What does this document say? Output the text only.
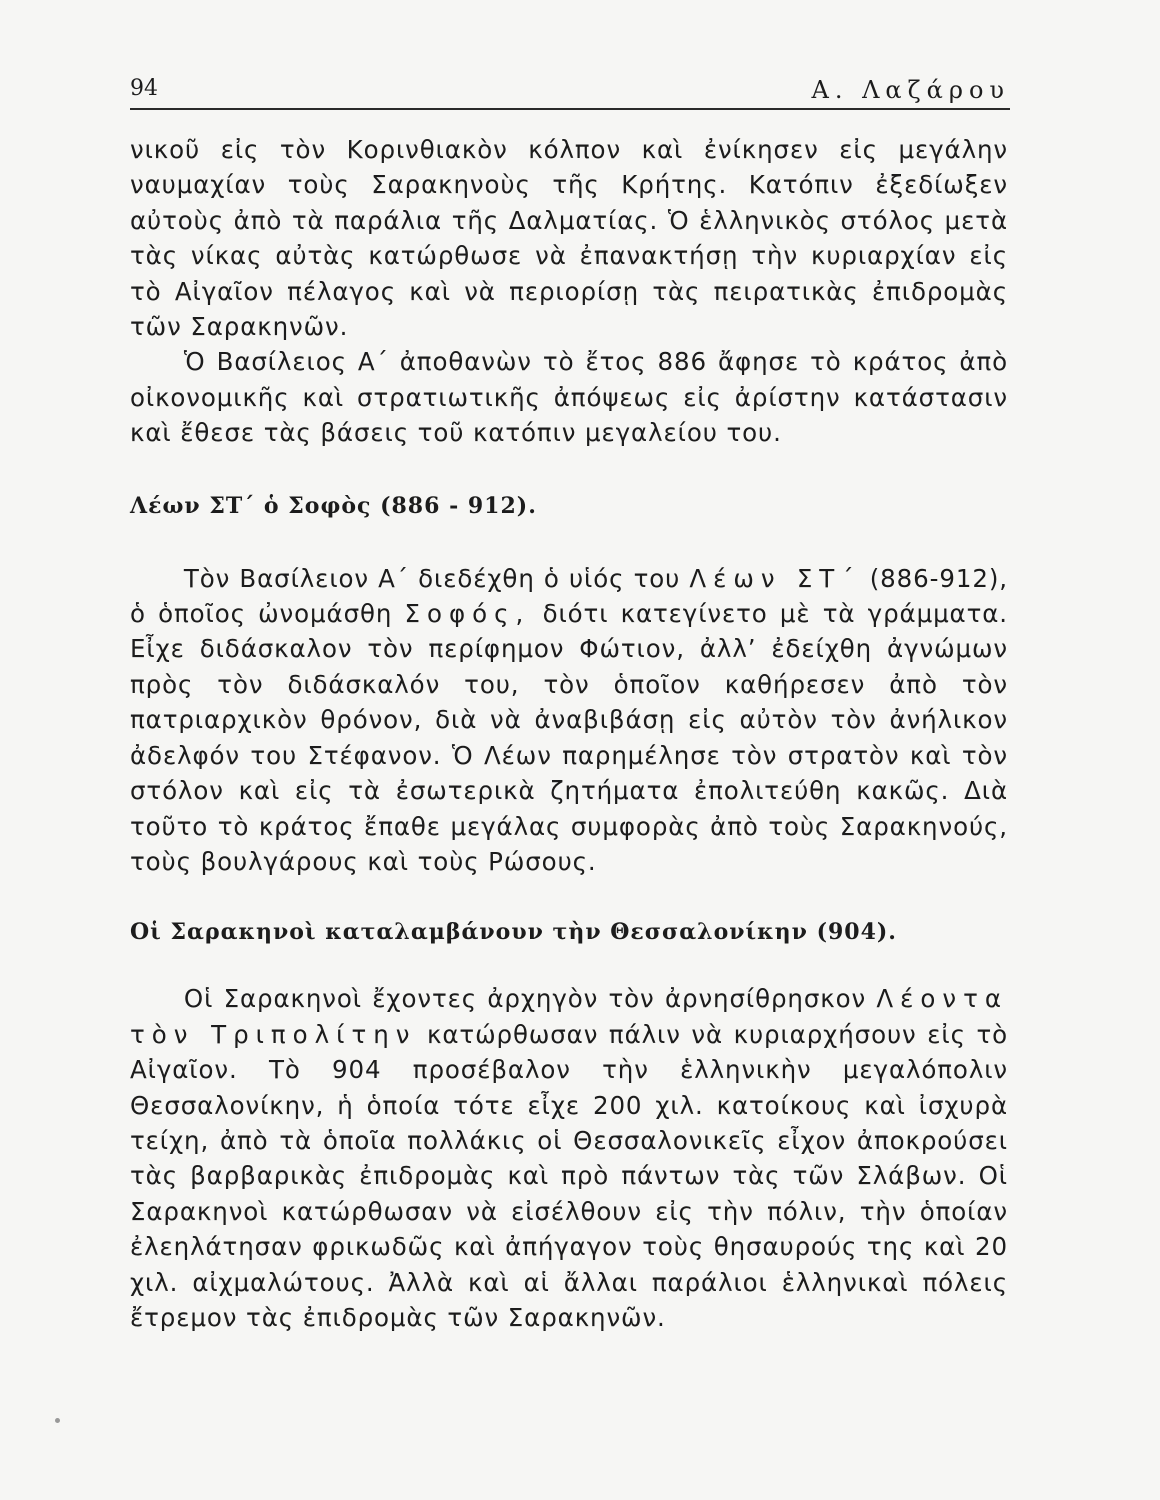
94	Α. Λαζάρου

νικοῦ εἰς τὸν Κορινθιακὸν κόλπον καὶ ἐνίκησεν εἰς μεγάλην ναυμαχίαν τοὺς Σαρακηνοὺς τῆς Κρήτης. Κατόπιν ἐξεδίωξεν αὐτοὺς ἀπὸ τὰ παράλια τῆς Δαλματίας. Ὁ ἑλληνικὸς στόλος μετὰ τὰς νίκας αὐτὰς κατώρθωσε νὰ ἐπανακτήσῃ τὴν κυριαρχίαν εἰς τὸ Αἰγαῖον πέλαγος καὶ νὰ περιορίσῃ τὰς πειρατικὰς ἐπιδρομὰς τῶν Σαρακηνῶν.

Ὁ Βασίλειος Α΄ ἀποθανὼν τὸ ἔτος 886 ἄφησε τὸ κράτος ἀπὸ οἰκονομικῆς καὶ στρατιωτικῆς ἀπόψεως εἰς ἀρίστην κατάστασιν καὶ ἔθεσε τὰς βάσεις τοῦ κατόπιν μεγαλείου του.

Λέων ΣΤ΄ ὁ Σοφὸς (886 - 912).

Τὸν Βασίλειον Α΄ διεδέχθη ὁ υἱός του Λέων ΣΤ΄ (886-912), ὁ ὁποῖος ὠνομάσθη Σοφός, διότι κατεγίνετο μὲ τὰ γράμματα. Εἶχε διδάσκαλον τὸν περίφημον Φώτιον, ἀλλ’ ἐδείχθη ἀγνώμων πρὸς τὸν διδάσκαλόν του, τὸν ὁποῖον καθήρεσεν ἀπὸ τὸν πατριαρχικὸν θρόνον, διὰ νὰ ἀναβιβάσῃ εἰς αὐτὸν τὸν ἀνήλικον ἀδελφόν του Στέφανον. Ὁ Λέων παρημέλησε τὸν στρατὸν καὶ τὸν στόλον καὶ εἰς τὰ ἐσωτερικὰ ζητήματα ἐπολιτεύθη κακῶς. Διὰ τοῦτο τὸ κράτος ἔπαθε μεγάλας συμφορὰς ἀπὸ τοὺς Σαρακηνούς, τοὺς βουλγάρους καὶ τοὺς Ρώσους.

Οἱ Σαρακηνοὶ καταλαμβάνουν τὴν Θεσσαλονίκην (904).

Οἱ Σαρακηνοὶ ἔχοντες ἀρχηγὸν τὸν ἀρνησίθρησκον Λέοντα τὸν Τριπολίτην κατώρθωσαν πάλιν νὰ κυριαρχήσουν εἰς τὸ Αἰγαῖον. Τὸ 904 προσέβαλον τὴν ἑλληνικὴν μεγαλόπολιν Θεσσαλονίκην, ἡ ὁποία τότε εἶχε 200 χιλ. κατοίκους καὶ ἰσχυρὰ τείχη, ἀπὸ τὰ ὁποῖα πολλάκις οἱ Θεσσαλονικεῖς εἶχον ἀποκρούσει τὰς βαρβαρικὰς ἐπιδρομὰς καὶ πρὸ πάντων τὰς τῶν Σλάβων. Οἱ Σαρακηνοὶ κατώρθωσαν νὰ εἰσέλθουν εἰς τὴν πόλιν, τὴν ὁποίαν ἐλεηλάτησαν φρικωδῶς καὶ ἀπήγαγον τοὺς θησαυρούς της καὶ 20 χιλ. αἰχμαλώτους. Ἀλλὰ καὶ αἱ ἄλλαι παράλιοι ἑλληνικαὶ πόλεις ἔτρεμον τὰς ἐπιδρομὰς τῶν Σαρακηνῶν.
